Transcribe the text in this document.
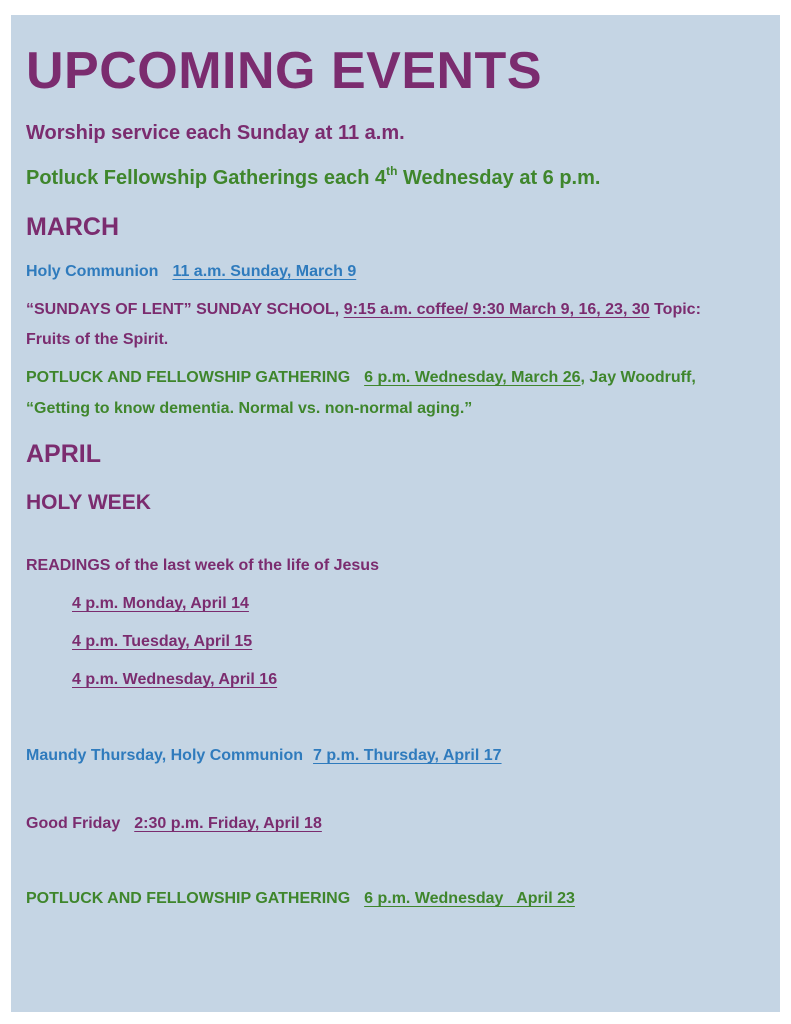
UPCOMING EVENTS
Worship service each Sunday at 11 a.m.
Potluck Fellowship Gatherings each 4th Wednesday at 6 p.m.
MARCH
Holy Communion 11 a.m. Sunday, March 9
“SUNDAYS OF LENT” SUNDAY SCHOOL, 9:15 a.m. coffee/ 9:30 March 9, 16, 23, 30 Topic:
Fruits of the Spirit.
POTLUCK AND FELLOWSHIP GATHERING 6 p.m. Wednesday, March 26, Jay Woodruff,
“Getting to know dementia. Normal vs. non-normal aging.”
APRIL
HOLY WEEK
READINGS of the last week of the life of Jesus
4 p.m. Monday, April 14
4 p.m. Tuesday, April 15
4 p.m. Wednesday, April 16
Maundy Thursday, Holy Communion 7 p.m. Thursday, April 17
Good Friday 2:30 p.m. Friday, April 18
POTLUCK AND FELLOWSHIP GATHERING 6 p.m. Wednesday   April 23
